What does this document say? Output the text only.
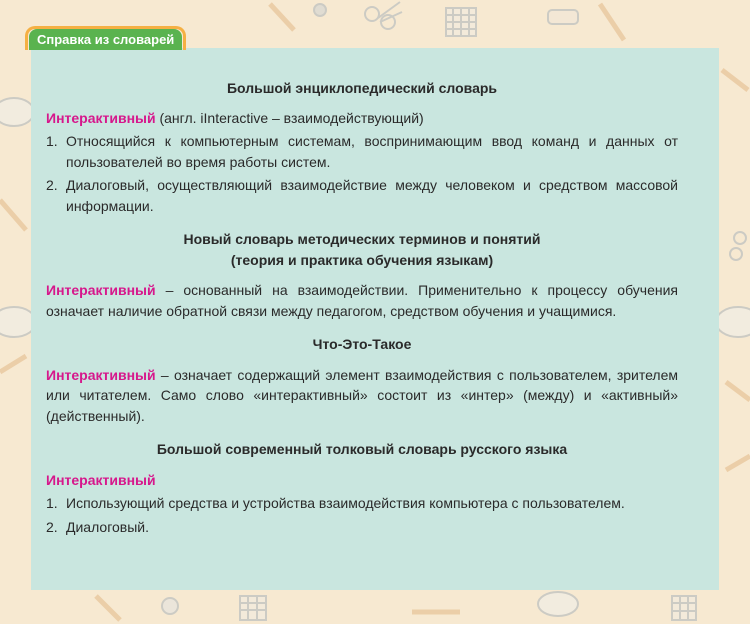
Справка из словарей

Большой энциклопедический словарь

Интерактивный (англ. iInteractive – взаимодействующий)

1. Относящийся к компьютерным системам, воспринимающим ввод команд и данных от пользователей во время работы систем.
2. Диалоговый, осуществляющий взаимодействие между человеком и средством массовой информации.

Новый словарь методических терминов и понятий
(теория и практика обучения языкам)

Интерактивный – основанный на взаимодействии. Применительно к процессу обучения означает наличие обратной связи между педагогом, средством обучения и учащимися.

Что-Это-Такое

Интерактивный – означает содержащий элемент взаимодействия с пользователем, зрителем или читателем. Само слово «интерактивный» состоит из «интер» (между) и «активный» (действенный).

Большой современный толковый словарь русского языка

Интерактивный

1. Использующий средства и устройства взаимодействия компьютера с пользователем.
2. Диалоговый.
